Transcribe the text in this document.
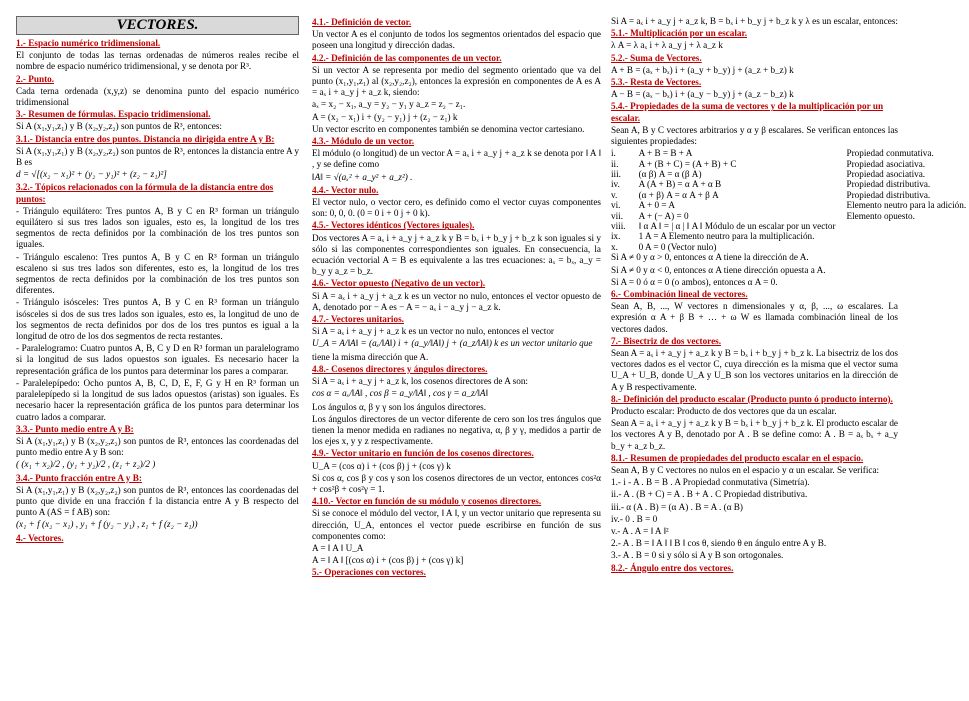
VECTORES.
1.- Espacio numérico tridimensional.
El conjunto de todas las ternas ordenadas de números reales recibe el nombre de espacio numérico tridimensional, y se denota por R³.
2.- Punto.
Cada terna ordenada (x,y,z) se denomina punto del espacio numérico tridimensional
3.- Resumen de fórmulas. Espacio tridimensional.
Si A (x₁,y₁,z₁) y B (x₂,y₂,z₂) son puntos de R³, entonces:
3.1.- Distancia entre dos puntos. Distancia no dirigida entre A y B:
Si A (x₁,y₁,z₁) y B (x₂,y₂,z₂) son puntos de R³, entonces la distancia entre A y B es
d = √[(x₂ − x₁)² + (y₂ − y₁)² + (z₂ − z₁)²]
3.2.- Tópicos relacionados con la fórmula de la distancia entre dos puntos:
- Triángulo equilátero: Tres puntos A, B y C en R³ forman un triángulo equilátero si sus tres lados son iguales, esto es, la longitud de los tres segmentos de recta definidos por la combinación de los tres puntos son iguales.
- Triángulo escaleno: Tres puntos A, B y C en R³ forman un triángulo escaleno si sus tres lados son diferentes, esto es, la longitud de los tres segmentos de recta definidos por la combinación de los tres puntos son diferentes.
- Triángulo isósceles: Tres puntos A, B y C en R³ forman un triángulo isósceles si dos de sus tres lados son iguales, esto es, la longitud de uno de los segmentos de recta definidos por dos de los tres puntos es igual a la longitud de otro de los dos segmentos de recta restantes.
- Paralelogramo: Cuatro puntos A, B, C y D en R³ forman un paralelogramo si la longitud de sus lados opuestos son iguales. Es necesario hacer la representación gráfica de los puntos para determinar los pares a comparar.
- Paralelepípedo: Ocho puntos A, B, C, D, E, F, G y H en R³ forman un paralelepípedo si la longitud de sus lados opuestos (aristas) son iguales. Es necesario hacer la representación gráfica de los puntos para determinar los cuatro lados a comparar.
3.3.- Punto medio entre A y B:
Si A (x₁,y₁,z₁) y B (x₂,y₂,z₂) son puntos de R³, entonces las coordenadas del punto medio entre A y B son:
( (x₁ + x₂)/2 , (y₁ + y₂)/2 , (z₁ + z₂)/2 )
3.4.- Punto fracción entre A y B:
Si A (x₁,y₁,z₁) y B (x₂,y₂,z₂) son puntos de R³, entonces las coordenadas del punto que divide en una fracción f la distancia entre A y B respecto del punto A (AS = f AB) son:
(x₁ + f (x₂ − x₁) , y₁ + f (y₂ − y₁) , z₁ + f (z₂ − z₁))
4.- Vectores.
4.1.- Definición de vector.
Un vector A es el conjunto de todos los segmentos orientados del espacio que poseen una longitud y dirección dadas.
4.2.- Definición de las componentes de un vector.
Si un vector A se representa por medio del segmento orientado que va del punto (x₁,y₁,z₁) al (x₂,y₂,z₂), entonces la expresión en componentes de A es A = aₓ i + a_y j + a_z k, siendo:
aₓ = x₂ − x₁, a_y = y₂ − y₁ y a_z = z₂ − z₁.
A = (x₂ − x₁) i + (y₂ − y₁) j + (z₂ − z₁) k
Un vector escrito en componentes también se denomina vector cartesiano.
4.3.- Módulo de un vector.
El módulo (o longitud) de un vector A = aₓ i + a_y j + a_z k se denota por ‖ A ‖ , y se define como
‖A‖ = √(aₓ² + a_y² + a_z²) .
4.4.- Vector nulo.
El vector nulo, o vector cero, es definido como el vector cuyas componentes son: 0, 0, 0. (0 = 0 i + 0 j + 0 k).
4.5.- Vectores idénticos (Vectores iguales).
Dos vectores A = aₓ i + a_y j + a_z k y B = bₓ i + b_y j + b_z k son iguales si y sólo si las componentes correspondientes son iguales. En consecuencia, la ecuación vectorial A = B es equivalente a las tres ecuaciones: aₓ = bₓ, a_y = b_y y a_z = b_z.
4.6.- Vector opuesto (Negativo de un vector).
Si A = aₓ i + a_y j + a_z k es un vector no nulo, entonces el vector opuesto de A, denotado por − A es − A = − aₓ i − a_y j − a_z k.
4.7.- Vectores unitarios.
Si A = aₓ i + a_y j + a_z k es un vector no nulo, entonces el vector
U_A = A/‖A‖ = (aₓ/‖A‖) i + (a_y/‖A‖) j + (a_z/‖A‖) k es un vector unitario que
tiene la misma dirección que A.
4.8.- Cosenos directores y ángulos directores.
Si A = aₓ i + a_y j + a_z k, los cosenos directores de A son:
cos α = aₓ/‖A‖ , cos β = a_y/‖A‖ , cos γ = a_z/‖A‖
Los ángulos α, β y γ son los ángulos directores.
Los ángulos directores de un vector diferente de cero son los tres ángulos que tienen la menor medida en radianes no negativa, α, β y γ, medidos a partir de los ejes x, y y z respectivamente.
4.9.- Vector unitario en función de los cosenos directores.
U_A = (cos α) i + (cos β) j + (cos γ) k
Si cos α, cos β y cos γ son los cosenos directores de un vector, entonces cos²α + cos²β + cos²γ = 1.
4.10.- Vector en función de su módulo y cosenos directores.
Si se conoce el módulo del vector, ‖ A ‖, y un vector unitario que representa su dirección, U_A, entonces el vector puede escribirse en función de sus componentes como:
A = ‖ A ‖ U_A
A = ‖ A ‖ [(cos α) i + (cos β) j + (cos γ) k]
5.- Operaciones con vectores.
Si A = aₓ i + a_y j + a_z k, B = bₓ i + b_y j + b_z k y λ es un escalar, entonces:
5.1.- Multiplicación por un escalar.
λ A = λ aₓ i + λ a_y j + λ a_z k
5.2.- Suma de Vectores.
A + B = (aₓ + bₓ) i + (a_y + b_y) j + (a_z + b_z) k
5.3.- Resta de Vectores.
A − B = (aₓ − bₓ) i + (a_y − b_y) j + (a_z − b_z) k
5.4.- Propiedades de la suma de vectores y de la multiplicación por un escalar.
Sean A, B y C vectores arbitrarios y α y β escalares. Se verifican entonces las siguientes propiedades:
i.	A + B = B + A	Propiedad conmutativa.
ii.	A + (B + C) = (A + B) + C	Propiedad asociativa.
iii.	(α β) A = α (β A)	Propiedad asociativa.
iv.	A (A + B) = α A + α B	Propiedad distributiva.
v.	(α + β) A = α A + β A	Propiedad distributiva.
vi.	A + 0 = A	Elemento neutro para la adición.
vii.	A + (− A) = 0	Elemento opuesto.
viii.	‖ α A ‖ = | α | ‖ A ‖ Módulo de un escalar por un vector	
ix.	1 A = A Elemento neutro para la multiplicación.	
x.	0 A = 0 (Vector nulo)	
Si A ≠ 0 y α > 0, entonces α A tiene la dirección de A.
Si A ≠ 0 y α < 0, entonces α A tiene dirección opuesta a A.
Si A = 0 ó α = 0 (o ambos), entonces α A = 0.
6.- Combinación lineal de vectores.
Sean A, B, ..., W vectores n dimensionales y α, β, ..., ω escalares. La expresión α A + β B + … + ω W es llamada combinación lineal de los vectores dados.
7.- Bisectriz de dos vectores.
Sean A = aₓ i + a_y j + a_z k y B = bₓ i + b_y j + b_z k. La bisectriz de los dos vectores dados es el vector C, cuya dirección es la misma que el vector suma U_A + U_B, donde U_A y U_B son los vectores unitarios en la dirección de A y B respectivamente.
8.- Definición del producto escalar (Producto punto ó producto interno).
Producto escalar: Producto de dos vectores que da un escalar.
Sean A = aₓ i + a_y j + a_z k y B = bₓ i + b_y j + b_z k. El producto escalar de los vectores A y B, denotado por A . B se define como: A . B = aₓ bₓ + a_y b_y + a_z b_z.
8.1.- Resumen de propiedades del producto escalar en el espacio.
Sean A, B y C vectores no nulos en el espacio y α un escalar. Se verifica:
1.- i - A . B = B . A Propiedad conmutativa (Simetría).
ii.- A . (B + C) = A . B + A . C Propiedad distributiva.
iii.- α (A . B) = (α A) . B = A . (α B)
iv.- 0 . B = 0
v.- A . A = ‖ A ‖²
2.- A . B = ‖ A ‖ ‖ B ‖ cos θ, siendo θ en ángulo entre A y B.
3.- A . B = 0 si y sólo si A y B son ortogonales.
8.2.- Ángulo entre dos vectores.
